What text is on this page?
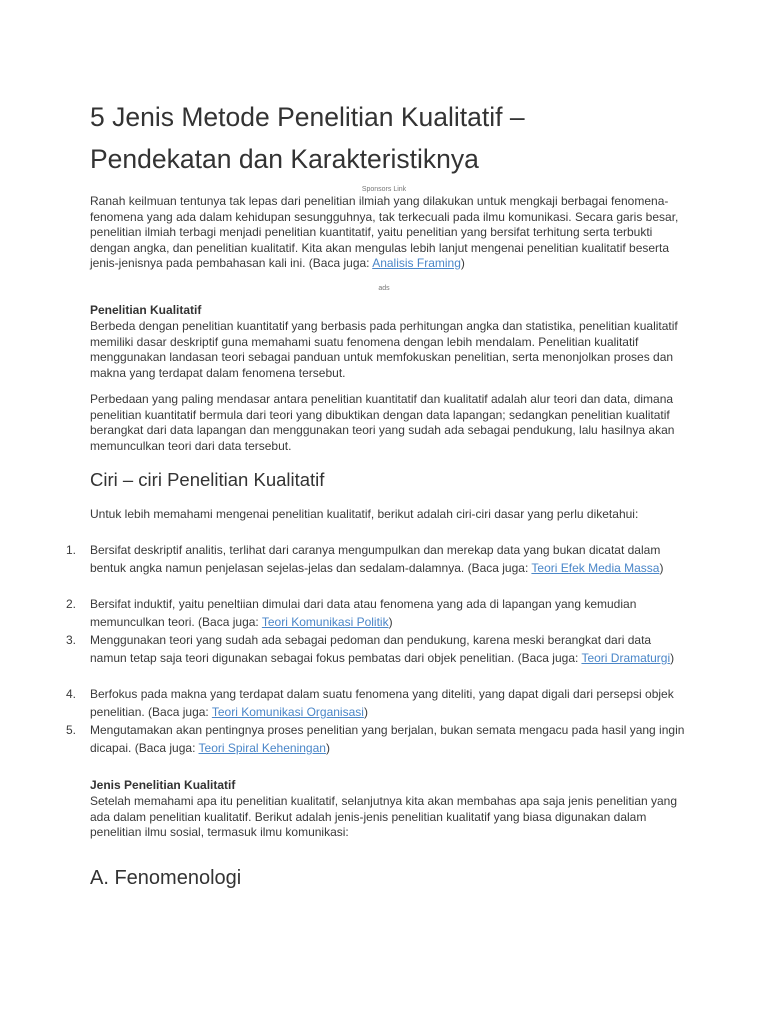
5 Jenis Metode Penelitian Kualitatif – Pendekatan dan Karakteristiknya
Sponsors Link

Ranah keilmuan tentunya tak lepas dari penelitian ilmiah yang dilakukan untuk mengkaji berbagai fenomena-fenomena yang ada dalam kehidupan sesungguhnya, tak terkecuali pada ilmu komunikasi. Secara garis besar, penelitian ilmiah terbagi menjadi penelitian kuantitatif, yaitu penelitian yang bersifat terhitung serta terbukti dengan angka, dan penelitian kualitatif. Kita akan mengulas lebih lanjut mengenai penelitian kualitatif beserta jenis-jenisnya pada pembahasan kali ini. (Baca juga: Analisis Framing)

ads
Penelitian Kualitatif

Berbeda dengan penelitian kuantitatif yang berbasis pada perhitungan angka dan statistika, penelitian kualitatif memiliki dasar deskriptif guna memahami suatu fenomena dengan lebih mendalam. Penelitian kualitatif menggunakan landasan teori sebagai panduan untuk memfokuskan penelitian, serta menonjolkan proses dan makna yang terdapat dalam fenomena tersebut.

Perbedaan yang paling mendasar antara penelitian kuantitatif dan kualitatif adalah alur teori dan data, dimana penelitian kuantitatif bermula dari teori yang dibuktikan dengan data lapangan; sedangkan penelitian kualitatif berangkat dari data lapangan dan menggunakan teori yang sudah ada sebagai pendukung, lalu hasilnya akan memunculkan teori dari data tersebut.

Ciri – ciri Penelitian Kualitatif

Untuk lebih memahami mengenai penelitian kualitatif, berikut adalah ciri-ciri dasar yang perlu diketahui:

1. Bersifat deskriptif analitis, terlihat dari caranya mengumpulkan dan merekap data yang bukan dicatat dalam bentuk angka namun penjelasan sejelas-jelas dan sedalam-dalamnya. (Baca juga: Teori Efek Media Massa)
2. Bersifat induktif, yaitu peneltiian dimulai dari data atau fenomena yang ada di lapangan yang kemudian memunculkan teori. (Baca juga: Teori Komunikasi Politik)
3. Menggunakan teori yang sudah ada sebagai pedoman dan pendukung, karena meski berangkat dari data namun tetap saja teori digunakan sebagai fokus pembatas dari objek penelitian. (Baca juga: Teori Dramaturgi)
4. Berfokus pada makna yang terdapat dalam suatu fenomena yang diteliti, yang dapat digali dari persepsi objek penelitian. (Baca juga: Teori Komunikasi Organisasi)
5. Mengutamakan akan pentingnya proses penelitian yang berjalan, bukan semata mengacu pada hasil yang ingin dicapai. (Baca juga: Teori Spiral Keheningan)
Jenis Penelitian Kualitatif

Setelah memahami apa itu penelitian kualitatif, selanjutnya kita akan membahas apa saja jenis penelitian yang ada dalam penelitian kualitatif. Berikut adalah jenis-jenis penelitian kualitatif yang biasa digunakan dalam penelitian ilmu sosial, termasuk ilmu komunikasi:

A. Fenomenologi
